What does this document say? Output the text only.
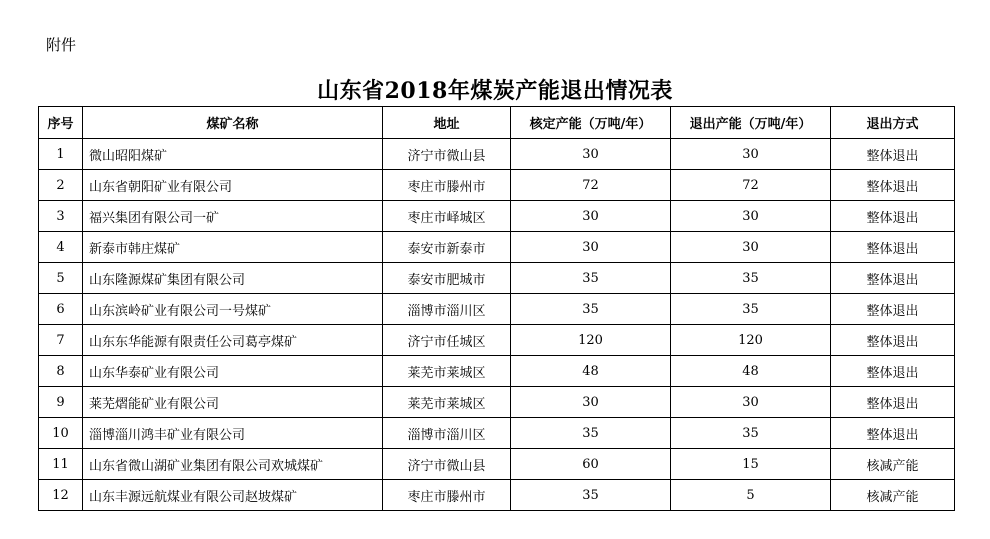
附件
山东省2018年煤炭产能退出情况表
序号	煤矿名称	地址	核定产能（万吨/年）	退出产能（万吨/年）	退出方式
1	微山昭阳煤矿	济宁市微山县	30	30	整体退出
2	山东省朝阳矿业有限公司	枣庄市滕州市	72	72	整体退出
3	福兴集团有限公司一矿	枣庄市峄城区	30	30	整体退出
4	新泰市韩庄煤矿	泰安市新泰市	30	30	整体退出
5	山东隆源煤矿集团有限公司	泰安市肥城市	35	35	整体退出
6	山东滨岭矿业有限公司一号煤矿	淄博市淄川区	35	35	整体退出
7	山东东华能源有限责任公司葛亭煤矿	济宁市任城区	120	120	整体退出
8	山东华泰矿业有限公司	莱芜市莱城区	48	48	整体退出
9	莱芜熠能矿业有限公司	莱芜市莱城区	30	30	整体退出
10	淄博淄川鸿丰矿业有限公司	淄博市淄川区	35	35	整体退出
11	山东省微山湖矿业集团有限公司欢城煤矿	济宁市微山县	60	15	核减产能
12	山东丰源远航煤业有限公司赵坡煤矿	枣庄市滕州市	35	5	核减产能
